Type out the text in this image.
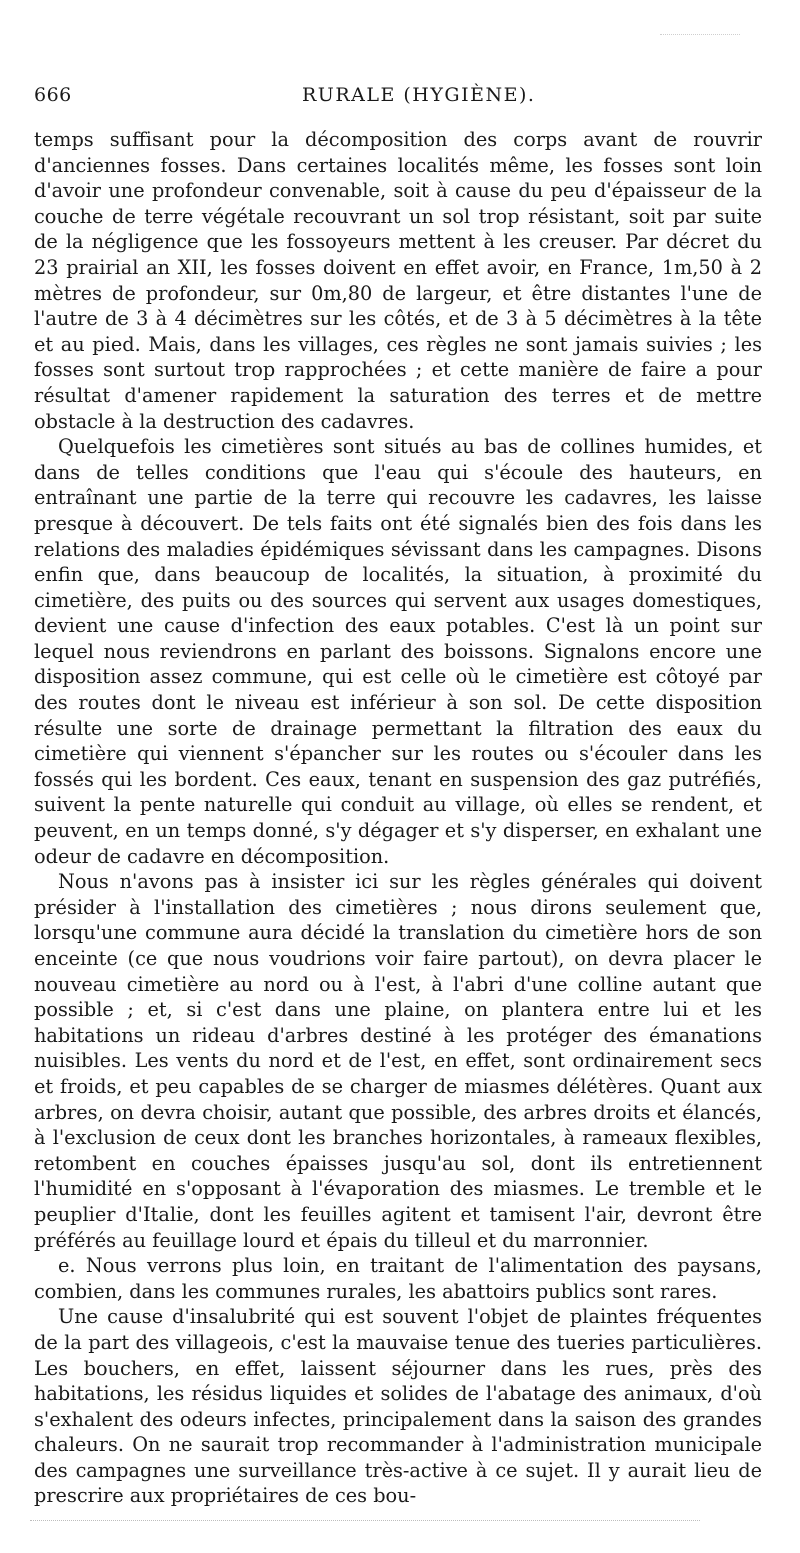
666	RURALE (HYGIÈNE).

temps suffisant pour la décomposition des corps avant de rouvrir d'anciennes fosses. Dans certaines localités même, les fosses sont loin d'avoir une profondeur convenable, soit à cause du peu d'épaisseur de la couche de terre végétale recouvrant un sol trop résistant, soit par suite de la négligence que les fossoyeurs mettent à les creuser. Par décret du 23 prairial an XII, les fosses doivent en effet avoir, en France, 1m,50 à 2 mètres de profondeur, sur 0m,80 de largeur, et être distantes l'une de l'autre de 3 à 4 décimètres sur les côtés, et de 3 à 5 décimètres à la tête et au pied. Mais, dans les villages, ces règles ne sont jamais suivies ; les fosses sont surtout trop rapprochées ; et cette manière de faire a pour résultat d'amener rapidement la saturation des terres et de mettre obstacle à la destruction des cadavres.

Quelquefois les cimetières sont situés au bas de collines humides, et dans de telles conditions que l'eau qui s'écoule des hauteurs, en entraînant une partie de la terre qui recouvre les cadavres, les laisse presque à découvert. De tels faits ont été signalés bien des fois dans les relations des maladies épidémiques sévissant dans les campagnes. Disons enfin que, dans beaucoup de localités, la situation, à proximité du cimetière, des puits ou des sources qui servent aux usages domestiques, devient une cause d'infection des eaux potables. C'est là un point sur lequel nous reviendrons en parlant des boissons. Signalons encore une disposition assez commune, qui est celle où le cimetière est côtoyé par des routes dont le niveau est inférieur à son sol. De cette disposition résulte une sorte de drainage permettant la filtration des eaux du cimetière qui viennent s'épancher sur les routes ou s'écouler dans les fossés qui les bordent. Ces eaux, tenant en suspension des gaz putréfiés, suivent la pente naturelle qui conduit au village, où elles se rendent, et peuvent, en un temps donné, s'y dégager et s'y disperser, en exhalant une odeur de cadavre en décomposition.

Nous n'avons pas à insister ici sur les règles générales qui doivent présider à l'installation des cimetières ; nous dirons seulement que, lorsqu'une commune aura décidé la translation du cimetière hors de son enceinte (ce que nous voudrions voir faire partout), on devra placer le nouveau cimetière au nord ou à l'est, à l'abri d'une colline autant que possible ; et, si c'est dans une plaine, on plantera entre lui et les habitations un rideau d'arbres destiné à les protéger des émanations nuisibles. Les vents du nord et de l'est, en effet, sont ordinairement secs et froids, et peu capables de se charger de miasmes délétères. Quant aux arbres, on devra choisir, autant que possible, des arbres droits et élancés, à l'exclusion de ceux dont les branches horizontales, à rameaux flexibles, retombent en couches épaisses jusqu'au sol, dont ils entretiennent l'humidité en s'opposant à l'évaporation des miasmes. Le tremble et le peuplier d'Italie, dont les feuilles agitent et tamisent l'air, devront être préférés au feuillage lourd et épais du tilleul et du marronnier.

e. Nous verrons plus loin, en traitant de l'alimentation des paysans, combien, dans les communes rurales, les abattoirs publics sont rares.

Une cause d'insalubrité qui est souvent l'objet de plaintes fréquentes de la part des villageois, c'est la mauvaise tenue des tueries particulières. Les bouchers, en effet, laissent séjourner dans les rues, près des habitations, les résidus liquides et solides de l'abatage des animaux, d'où s'exhalent des odeurs infectes, principalement dans la saison des grandes chaleurs. On ne saurait trop recommander à l'administration municipale des campagnes une surveillance très-active à ce sujet. Il y aurait lieu de prescrire aux propriétaires de ces bou-
